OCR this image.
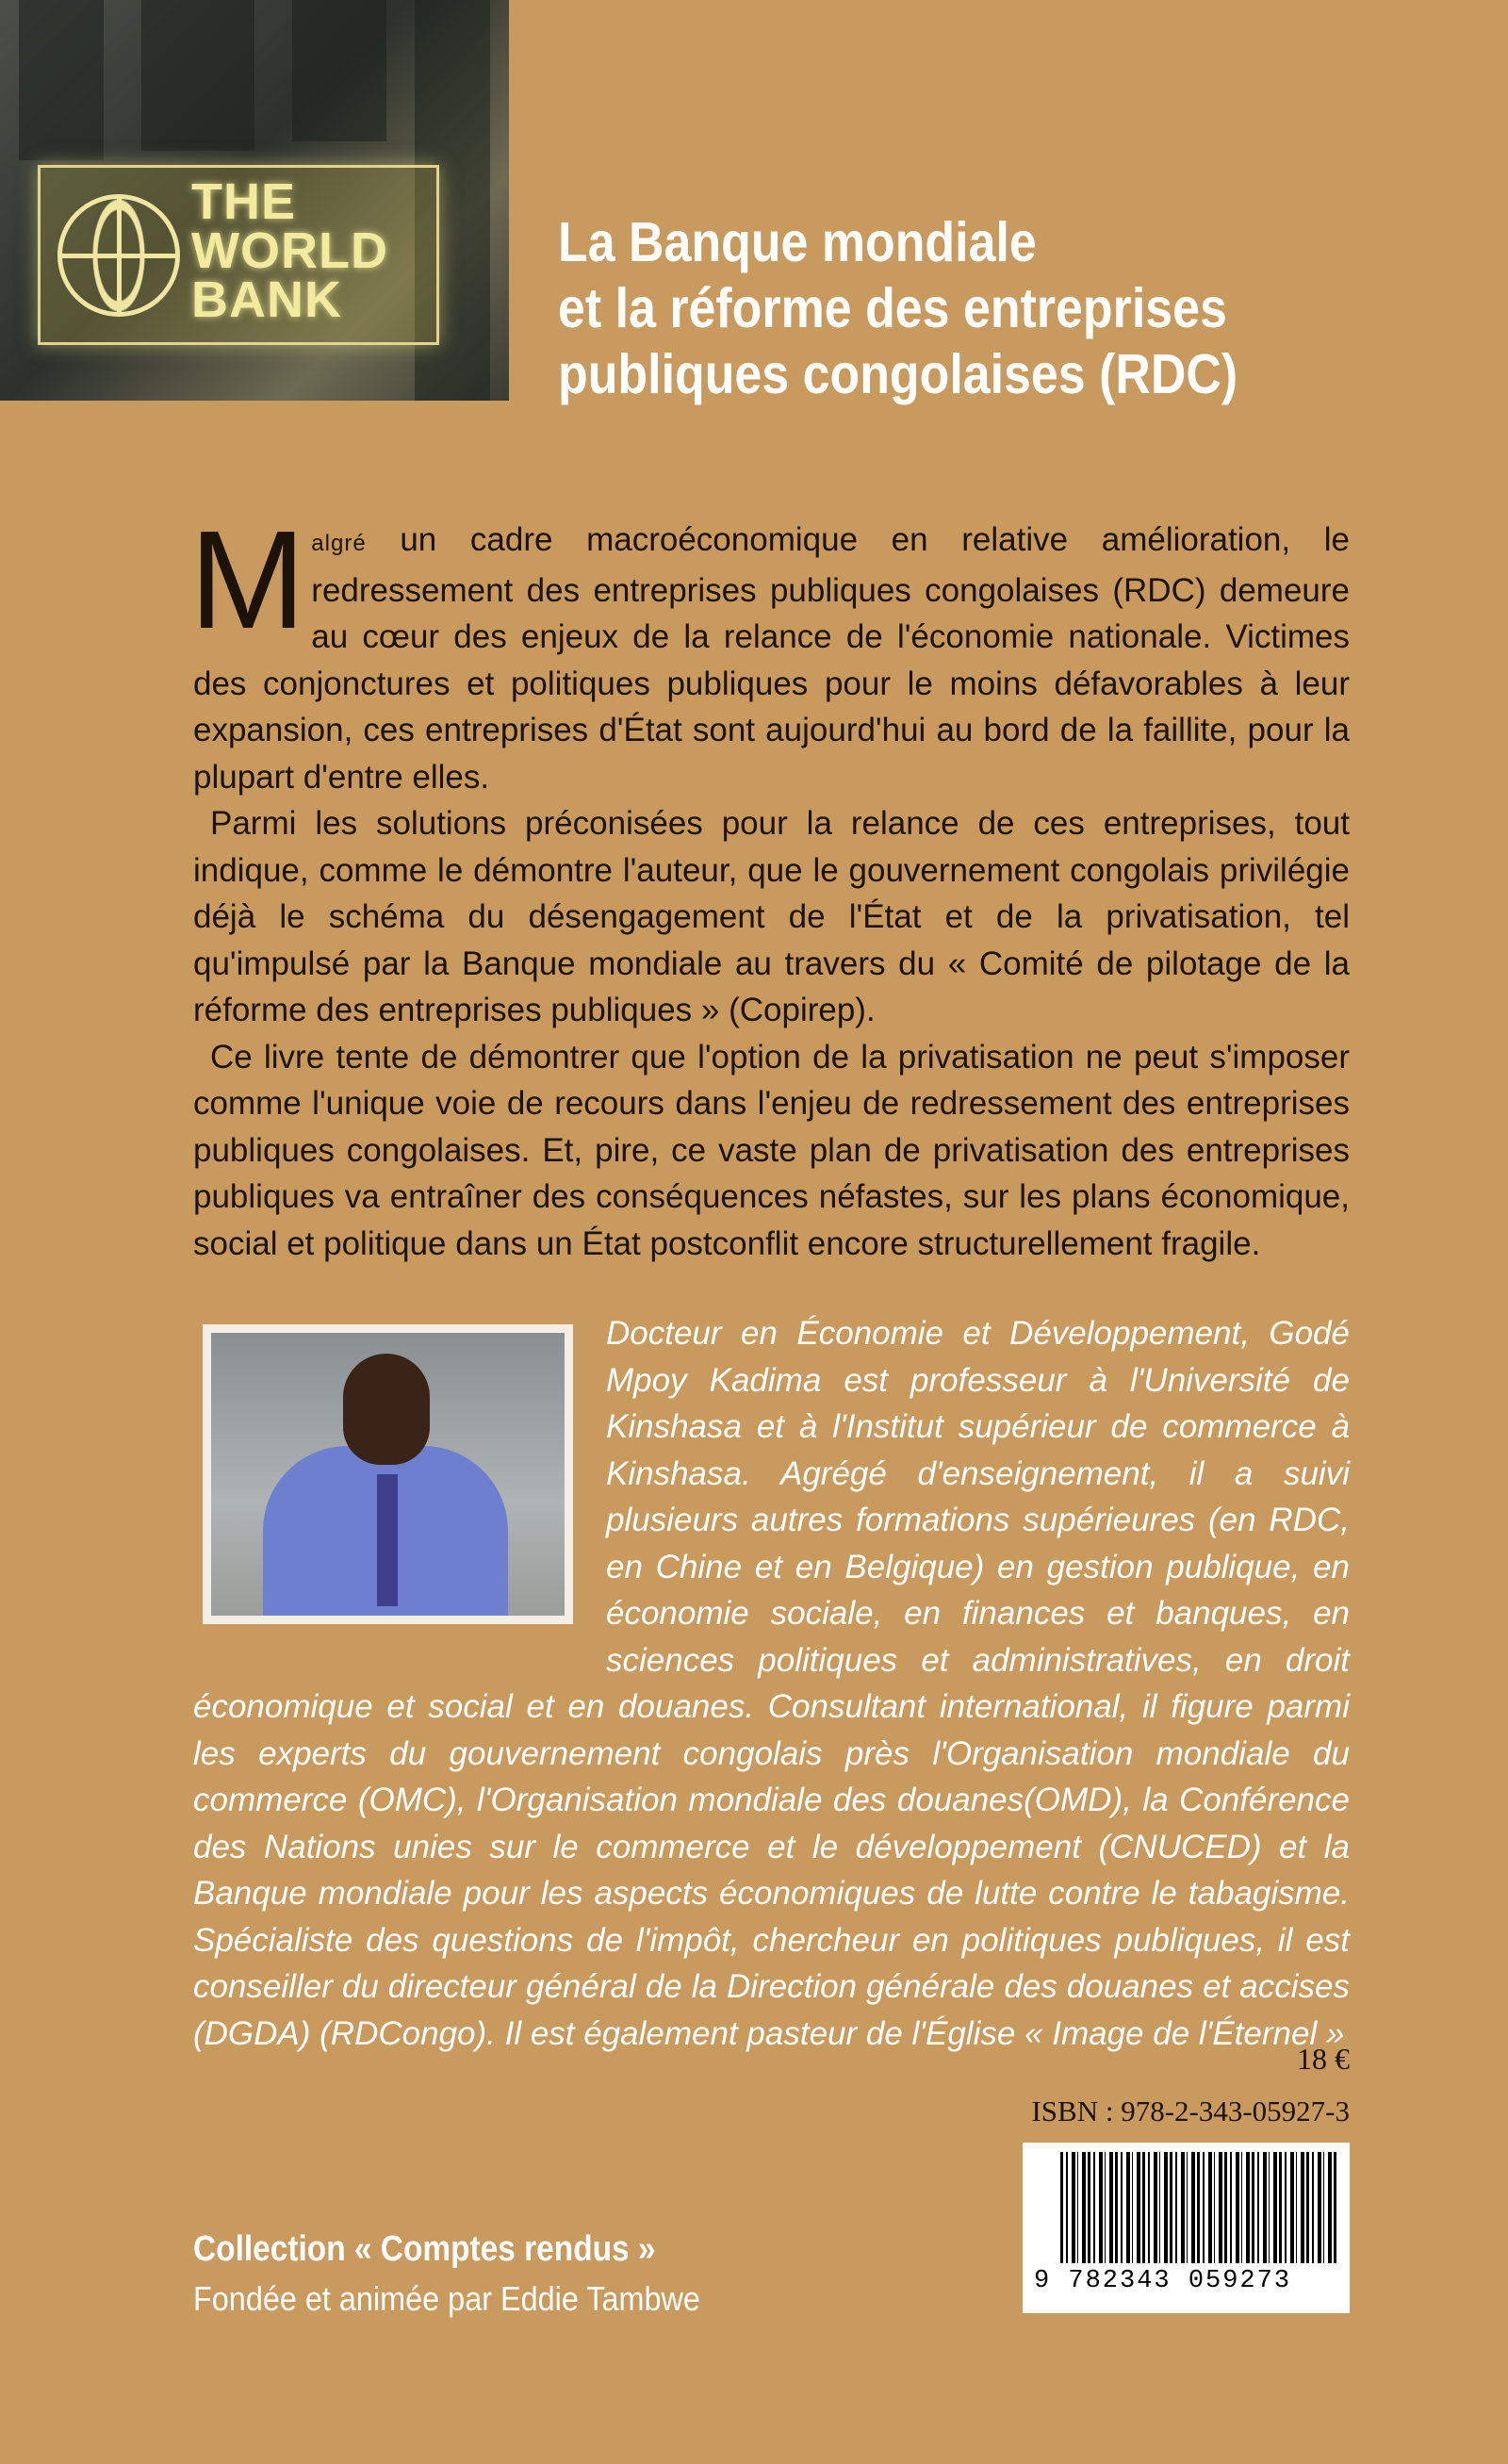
THE
WORLD
BANK
La Banque mondiale
et la réforme des entreprises
publiques congolaises (RDC)

Malgré un cadre macroéconomique en relative amélioration, le redressement des entreprises publiques congolaises (RDC) demeure au cœur des enjeux de la relance de l'économie nationale. Victimes des conjonctures et politiques publiques pour le moins défavorables à leur expansion, ces entreprises d'État sont aujourd'hui au bord de la faillite, pour la plupart d'entre elles.

Parmi les solutions préconisées pour la relance de ces entreprises, tout indique, comme le démontre l'auteur, que le gouvernement congolais privilégie déjà le schéma du désengagement de l'État et de la privatisation, tel qu'impulsé par la Banque mondiale au travers du « Comité de pilotage de la réforme des entreprises publiques » (Copirep).

Ce livre tente de démontrer que l'option de la privatisation ne peut s'imposer comme l'unique voie de recours dans l'enjeu de redressement des entreprises publiques congolaises. Et, pire, ce vaste plan de privatisation des entreprises publiques va entraîner des conséquences néfastes, sur les plans économique, social et politique dans un État postconflit encore structurellement fragile.

Docteur en Économie et Développement, Godé Mpoy Kadima est professeur à l'Université de Kinshasa et à l'Institut supérieur de commerce à Kinshasa. Agrégé d'enseignement, il a suivi plusieurs autres formations supérieures (en RDC, en Chine et en Belgique) en gestion publique, en économie sociale, en finances et banques, en sciences politiques et administratives, en droit économique et social et en douanes. Consultant international, il figure parmi les experts du gouvernement congolais près l'Organisation mondiale du commerce (OMC), l'Organisation mondiale des douanes(OMD), la Conférence des Nations unies sur le commerce et le développement (CNUCED) et la Banque mondiale pour les aspects économiques de lutte contre le tabagisme. Spécialiste des questions de l'impôt, chercheur en politiques publiques, il est conseiller du directeur général de la Direction générale des douanes et accises (DGDA) (RDCongo). Il est également pasteur de l'Église « Image de l'Éternel »

18 €
ISBN : 978-2-343-05927-3
9 782343 059273
Collection « Comptes rendus »
Fondée et animée par Eddie Tambwe
